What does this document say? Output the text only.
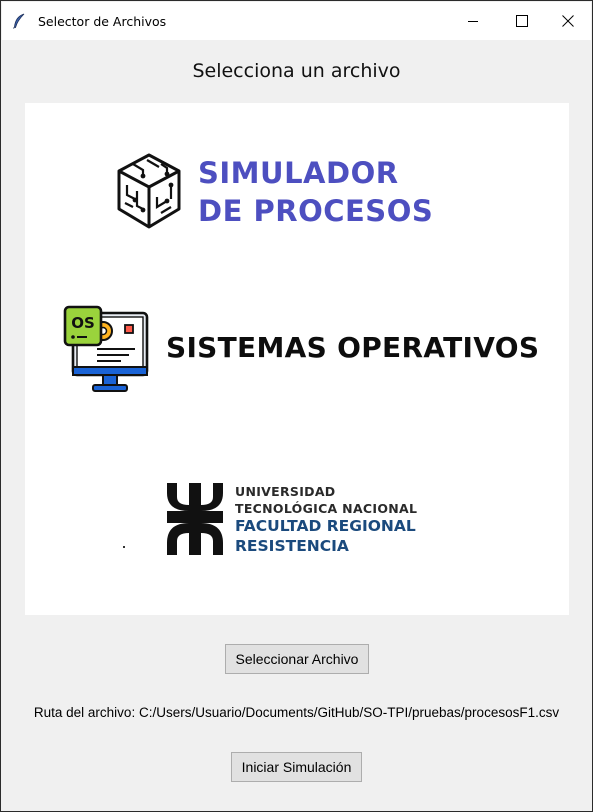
Selector de Archivos
Selecciona un archivo
SIMULADOR
DE PROCESOS
OS
SISTEMAS OPERATIVOS
UNIVERSIDAD
TECNOLÓGICA NACIONAL
FACULTAD REGIONAL
RESISTENCIA
Seleccionar Archivo
Ruta del archivo: C:/Users/Usuario/Documents/GitHub/SO-TPI/pruebas/procesosF1.csv
Iniciar Simulación
